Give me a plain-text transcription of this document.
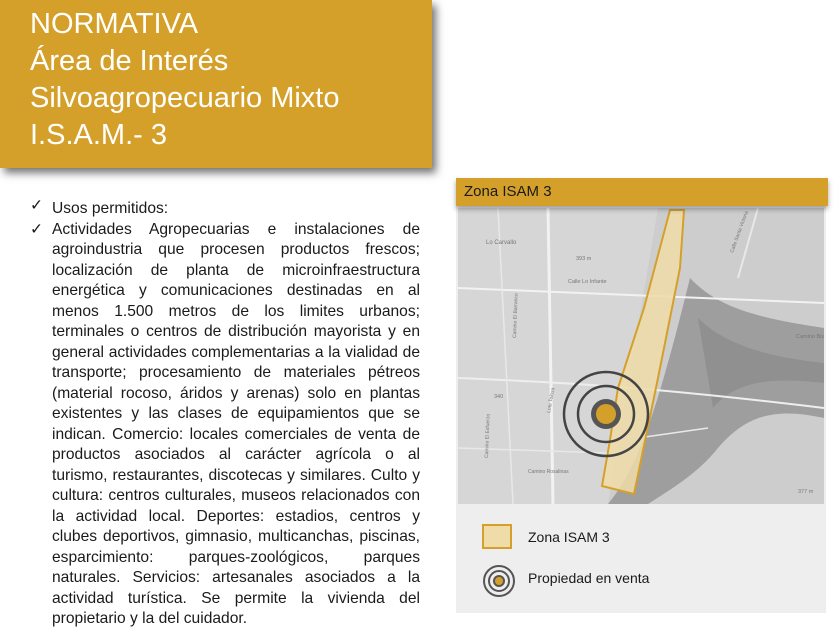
NORMATIVA
Área de Interés
Silvoagropecuario Mixto
I.S.A.M.- 3
✓ Usos permitidos:
✓ Actividades Agropecuarias e instalaciones de agroindustria que procesen productos frescos; localización de planta de microinfraestructura energética y comunicaciones destinadas en al menos 1.500 metros de los limites urbanos; terminales o centros de distribución mayorista y en general actividades complementarias a la vialidad de transporte; procesamiento de materiales pétreos (material rocoso, áridos y arenas) solo en plantas existentes y las clases de equipamientos que se indican. Comercio: locales comerciales de venta de productos asociados al carácter agrícola o al turismo, restaurantes, discotecas y similares. Culto y cultura: centros culturales, museos relacionados con la actividad local. Deportes: estadios, centros y clubes deportivos, gimnasio, multicanchas, piscinas, esparcimiento: parques-zoológicos, parques naturales. Servicios: artesanales asociados a la actividad turística. Se permite la vivienda del propietario y la del cuidador.
Lo Carvallo
393 m
Calle Lo Infante
340
Camino Bis
377 m
Camino El Barranco
Camino El Esfuerzo
Lote Tolosa
Camino Rosalinas
Calle Santa Victoria
Zona ISAM 3
Propiedad en venta
Zona ISAM 3
